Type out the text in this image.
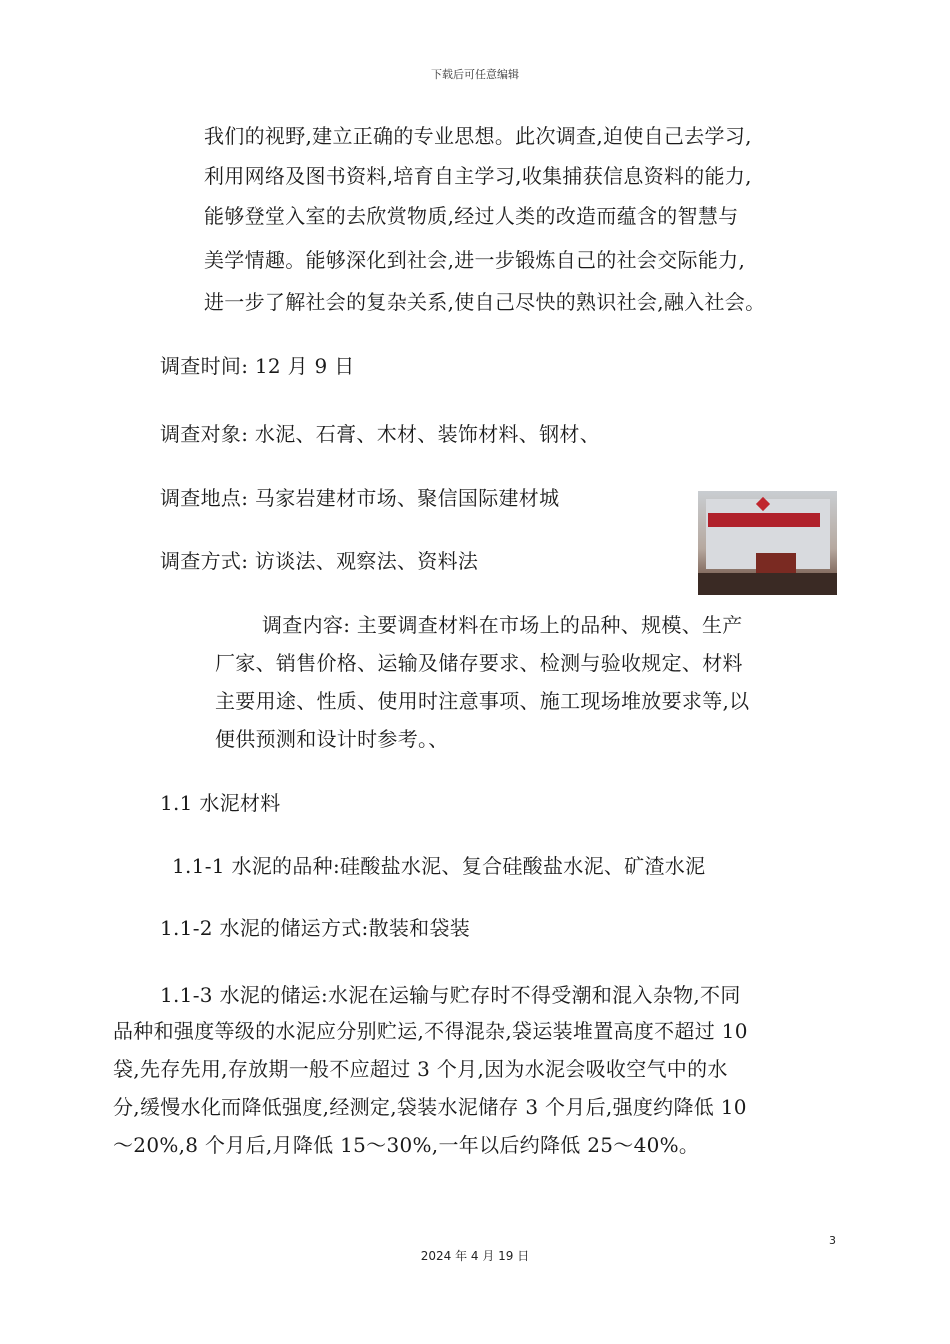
下载后可任意编辑
我们的视野,建立正确的专业思想。此次调查,迫使自己去学习,
利用网络及图书资料,培育自主学习,收集捕获信息资料的能力,
能够登堂入室的去欣赏物质,经过人类的改造而蕴含的智慧与
美学情趣。能够深化到社会,进一步锻炼自己的社会交际能力,
进一步了解社会的复杂关系,使自己尽快的熟识社会,融入社会。
调查时间: 12 月 9 日
调查对象: 水泥、石膏、木材、装饰材料、钢材、
调查地点: 马家岩建材市场、聚信国际建材城
调查方式: 访谈法、观察法、资料法
调查内容: 主要调查材料在市场上的品种、规模、生产
厂家、销售价格、运输及储存要求、检测与验收规定、材料
主要用途、性质、使用时注意事项、施工现场堆放要求等,以
便供预测和设计时参考。、
1.1 水泥材料
1.1-1 水泥的品种:硅酸盐水泥、复合硅酸盐水泥、矿渣水泥
1.1-2 水泥的储运方式:散装和袋装
1.1-3 水泥的储运:水泥在运输与贮存时不得受潮和混入杂物,不同
品种和强度等级的水泥应分别贮运,不得混杂,袋运装堆置高度不超过 10
袋,先存先用,存放期一般不应超过 3 个月,因为水泥会吸收空气中的水
分,缓慢水化而降低强度,经测定,袋装水泥储存 3 个月后,强度约降低 10
～20%,8 个月后,月降低 15～30%,一年以后约降低 25～40%。
3
2024 年 4 月 19 日
